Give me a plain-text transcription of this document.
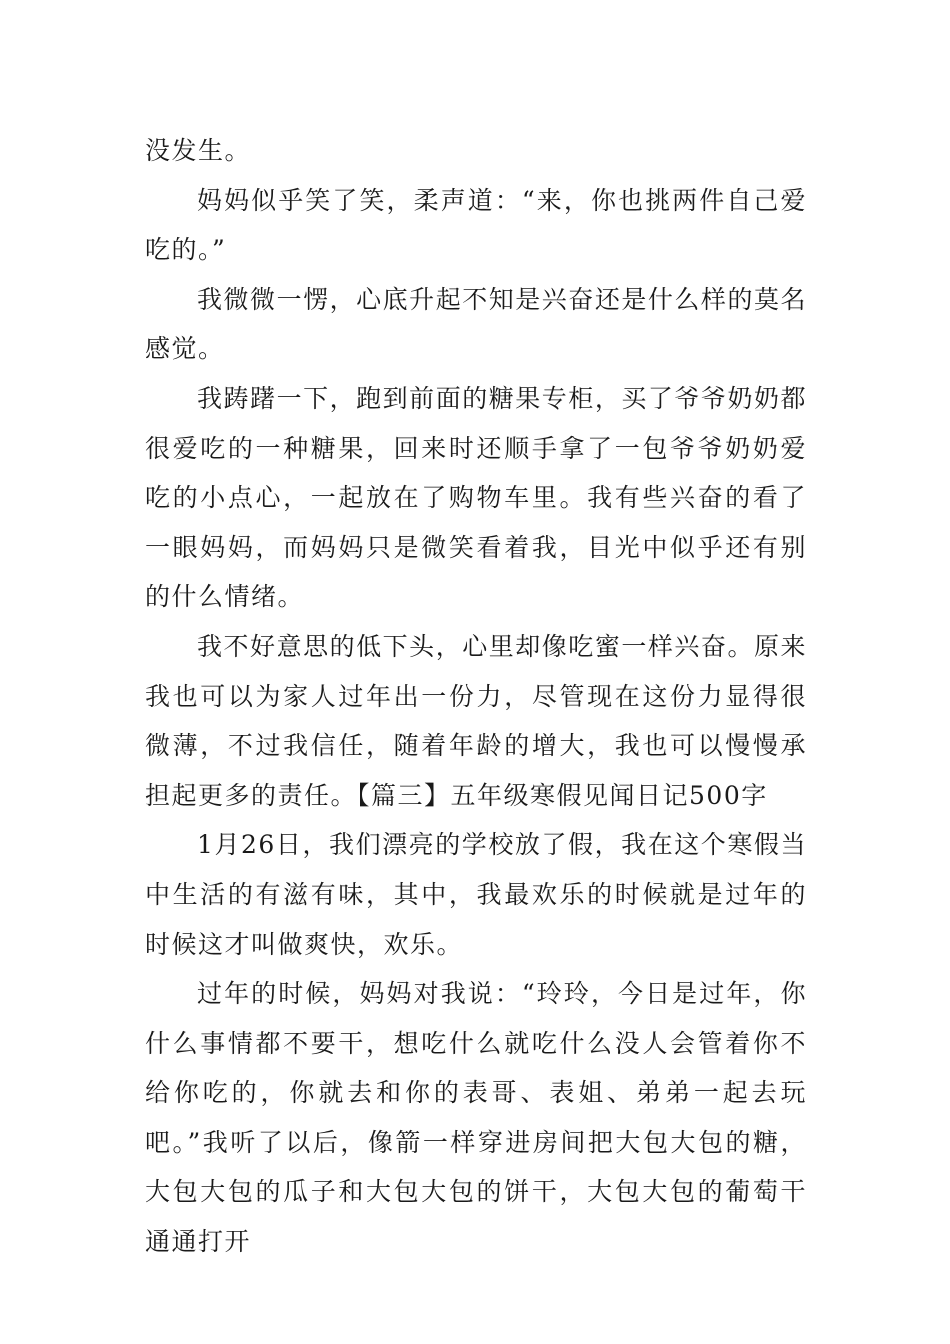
没发生。

妈妈似乎笑了笑，柔声道：“来，你也挑两件自己爱吃的。”

我微微一愣，心底升起不知是兴奋还是什么样的莫名感觉。

我踌躇一下，跑到前面的糖果专柜，买了爷爷奶奶都很爱吃的一种糖果，回来时还顺手拿了一包爷爷奶奶爱吃的小点心，一起放在了购物车里。我有些兴奋的看了一眼妈妈，而妈妈只是微笑看着我，目光中似乎还有别的什么情绪。

我不好意思的低下头，心里却像吃蜜一样兴奋。原来我也可以为家人过年出一份力，尽管现在这份力显得很微薄，不过我信任，随着年龄的增大，我也可以慢慢承担起更多的责任。【篇三】五年级寒假见闻日记500字

1月26日，我们漂亮的学校放了假，我在这个寒假当中生活的有滋有味，其中，我最欢乐的时候就是过年的时候这才叫做爽快，欢乐。

过年的时候，妈妈对我说：“玲玲，今日是过年，你什么事情都不要干，想吃什么就吃什么没人会管着你不给你吃的，你就去和你的表哥、表姐、弟弟一起去玩吧。”我听了以后，像箭一样穿进房间把大包大包的糖，大包大包的瓜子和大包大包的饼干，大包大包的葡萄干通通打开
